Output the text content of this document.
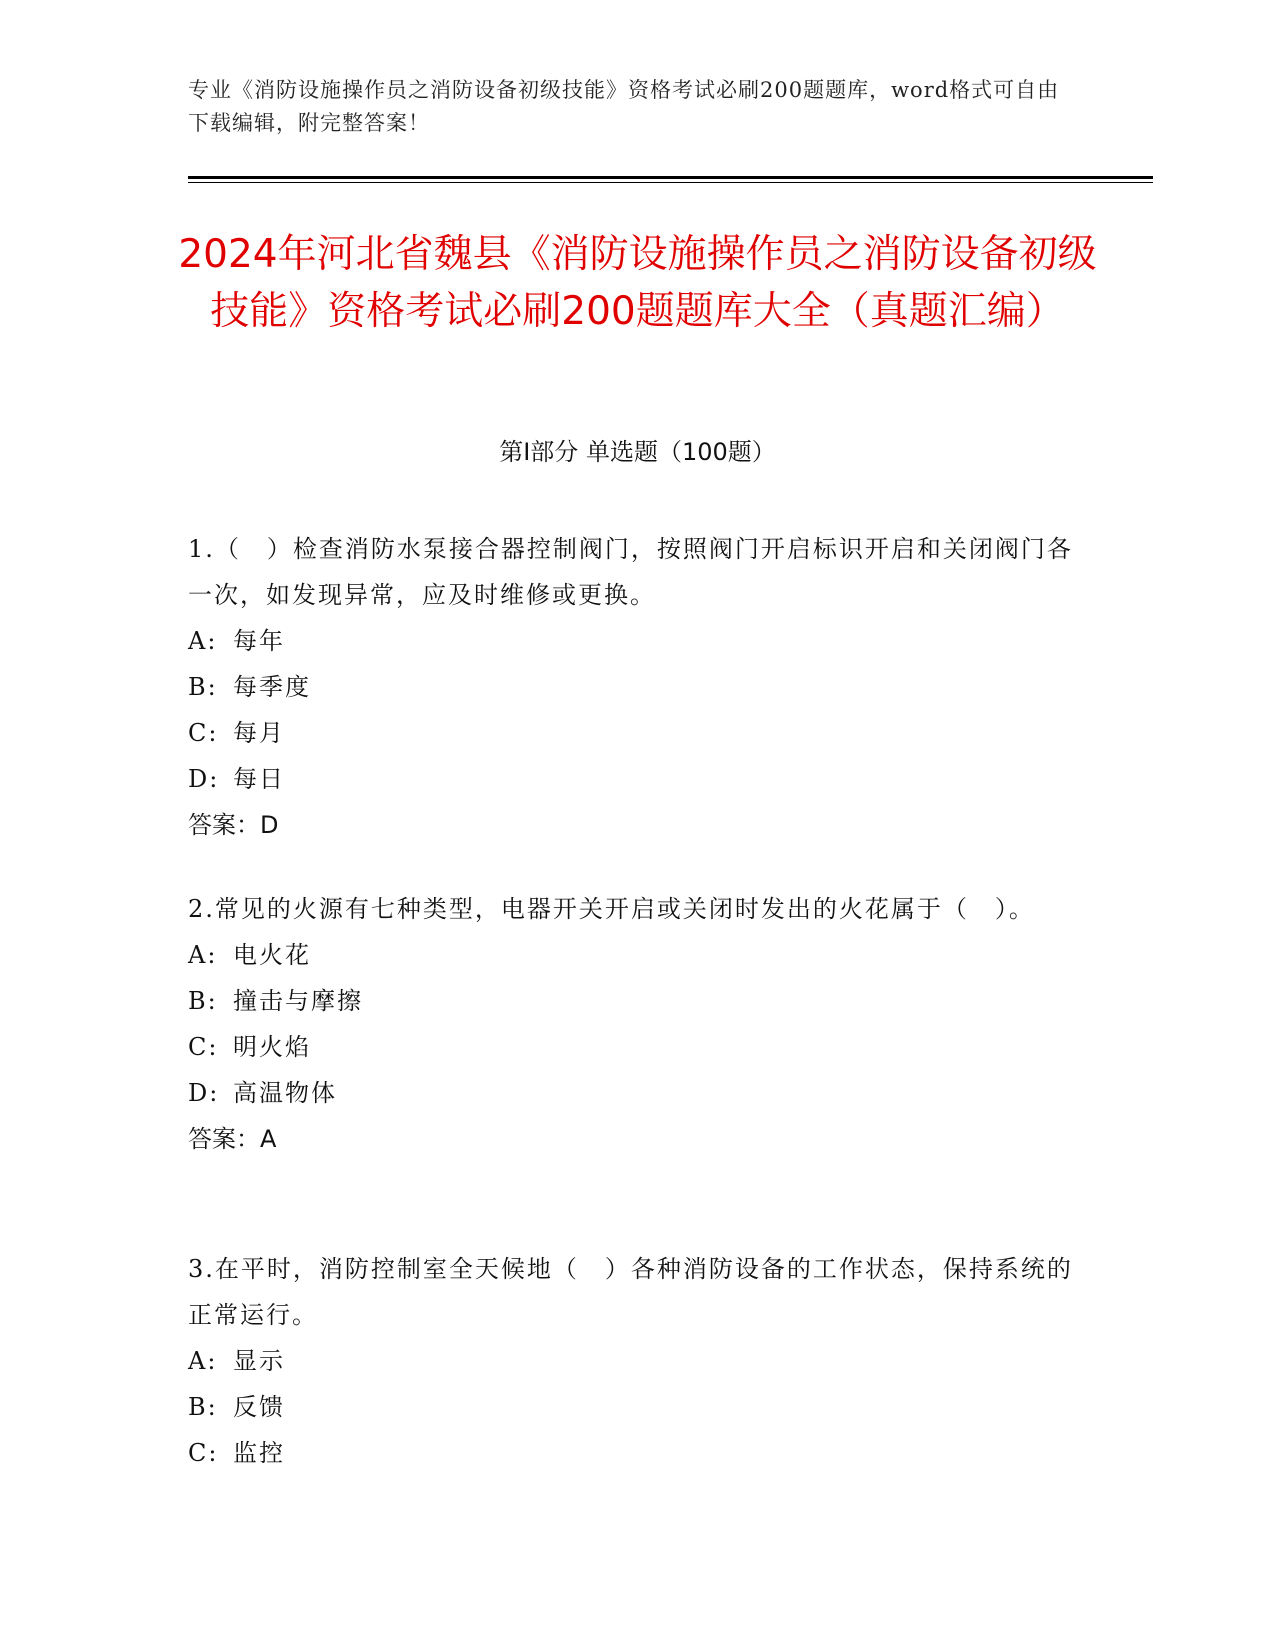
专业《消防设施操作员之消防设备初级技能》资格考试必刷200题题库，word格式可自由下载编辑，附完整答案！
2024年河北省魏县《消防设施操作员之消防设备初级技能》资格考试必刷200题题库大全（真题汇编）
第Ⅰ部分 单选题（100题）

1.（　）检查消防水泵接合器控制阀门，按照阀门开启标识开启和关闭阀门各一次，如发现异常，应及时维修或更换。

A: 每年

B: 每季度

C: 每月

D: 每日

答案：D

2.常见的火源有七种类型，电器开关开启或关闭时发出的火花属于（　）。

A: 电火花

B: 撞击与摩擦

C: 明火焰

D: 高温物体

答案：A

3.在平时，消防控制室全天候地（　）各种消防设备的工作状态，保持系统的正常运行。

A: 显示

B: 反馈

C: 监控
